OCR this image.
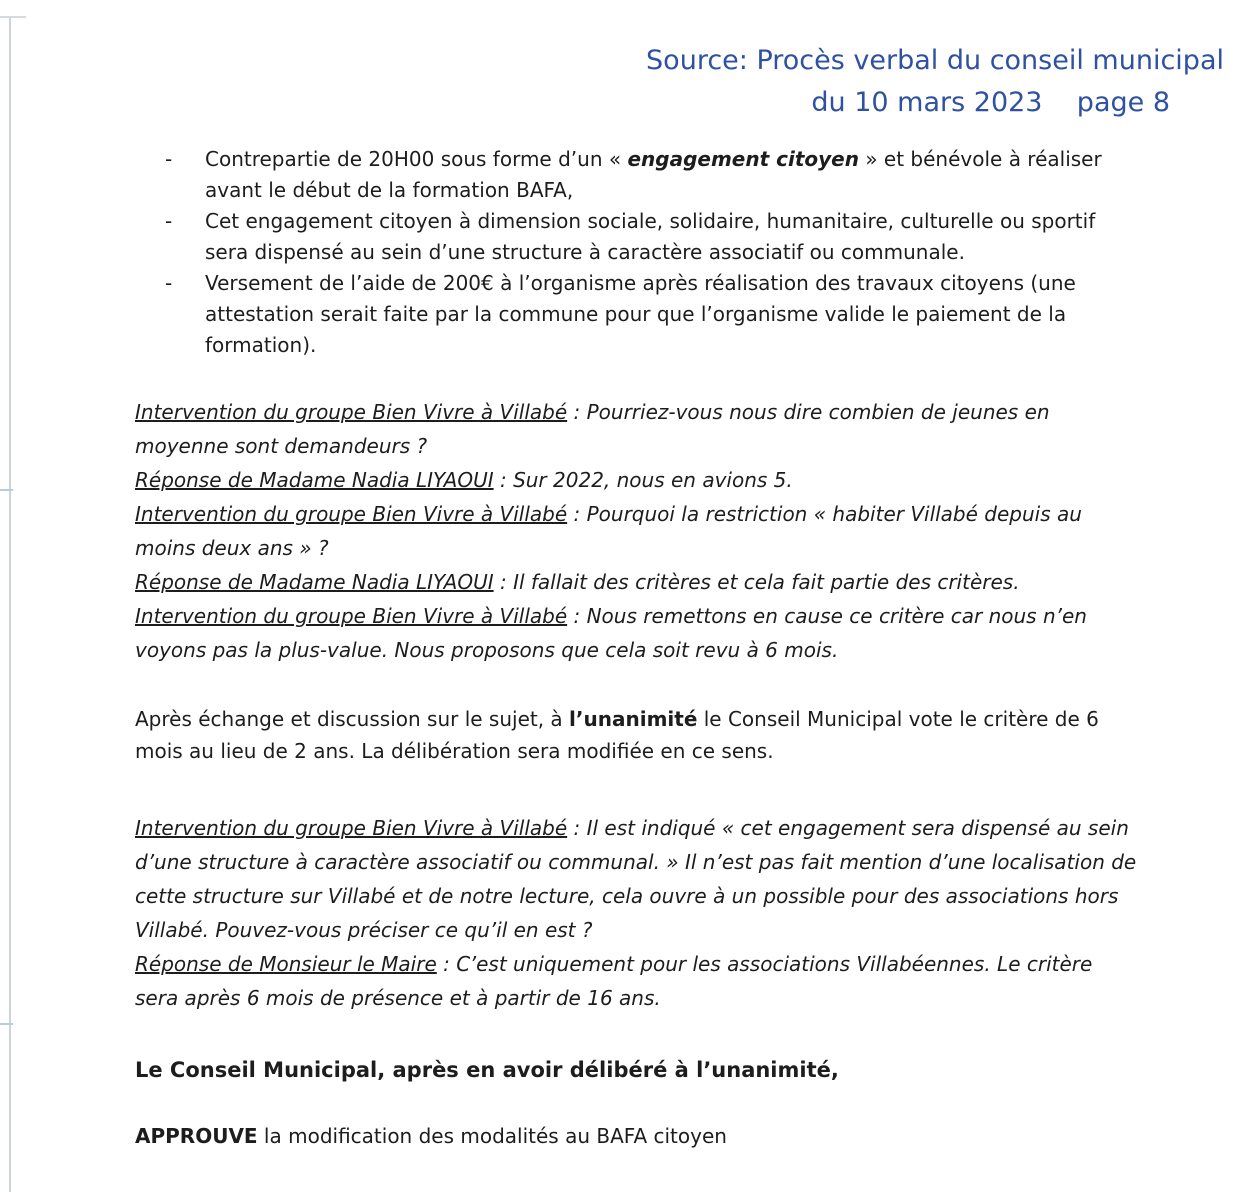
Source: Procès verbal du conseil municipal
du 10 mars 2023    page 8
- Contrepartie de 20H00 sous forme d’un « engagement citoyen » et bénévole à réaliser avant le début de la formation BAFA,
- Cet engagement citoyen à dimension sociale, solidaire, humanitaire, culturelle ou sportif sera dispensé au sein d’une structure à caractère associatif ou communale.
- Versement de l’aide de 200€ à l’organisme après réalisation des travaux citoyens (une attestation serait faite par la commune pour que l’organisme valide le paiement de la formation).

Intervention du groupe Bien Vivre à Villabé : Pourriez-vous nous dire combien de jeunes en moyenne sont demandeurs ?

Réponse de Madame Nadia LIYAOUI : Sur 2022, nous en avions 5.

Intervention du groupe Bien Vivre à Villabé : Pourquoi la restriction « habiter Villabé depuis au moins deux ans » ?

Réponse de Madame Nadia LIYAOUI : Il fallait des critères et cela fait partie des critères.

Intervention du groupe Bien Vivre à Villabé : Nous remettons en cause ce critère car nous n’en voyons pas la plus-value. Nous proposons que cela soit revu à 6 mois.

Après échange et discussion sur le sujet, à l’unanimité le Conseil Municipal vote le critère de 6 mois au lieu de 2 ans. La délibération sera modifiée en ce sens.

Intervention du groupe Bien Vivre à Villabé : Il est indiqué « cet engagement sera dispensé au sein d’une structure à caractère associatif ou communal. » Il n’est pas fait mention d’une localisation de cette structure sur Villabé et de notre lecture, cela ouvre à un possible pour des associations hors Villabé. Pouvez-vous préciser ce qu’il en est ?

Réponse de Monsieur le Maire : C’est uniquement pour les associations Villabéennes. Le critère sera après 6 mois de présence et à partir de 16 ans.

Le Conseil Municipal, après en avoir délibéré à l’unanimité,
APPROUVE la modification des modalités au BAFA citoyen
